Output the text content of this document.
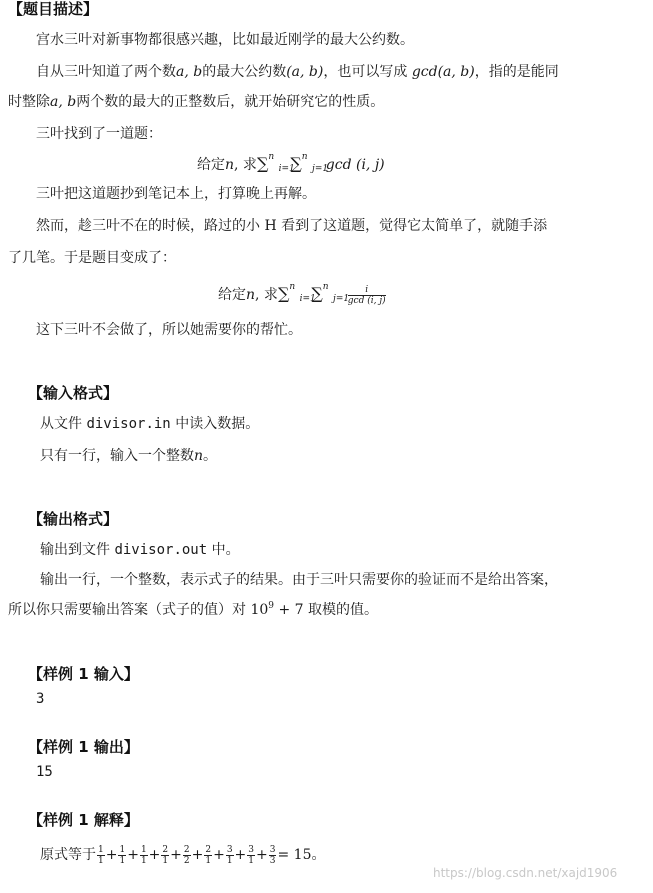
【题目描述】
宫水三叶对新事物都很感兴趣，比如最近刚学的最大公约数。
自从三叶知道了两个数a, b的最大公约数(a, b)，也可以写成 gcd(a, b)，指的是能同
时整除a, b两个数的最大的正整数后，就开始研究它的性质。
三叶找到了一道题：
给定n, 求∑$^n$ i=1∑$^n$ j=1gcd (i, j)
三叶把这道题抄到笔记本上，打算晚上再解。
然而，趁三叶不在的时候，路过的小 H 看到了这道题，觉得它太简单了，就随手添
了几笔。于是题目变成了：
给定n, 求∑$^n$ i=1∑$^n$ j=1
$\frac{i}{\gcd (i, j)}$
这下三叶不会做了，所以她需要你的帮忙。
【输入格式】
从文件 divisor.in 中读入数据。
只有一行，输入一个整数n。
【输出格式】
输出到文件 divisor.out 中。
输出一行，一个整数，表示式子的结果。由于三叶只需要你的验证而不是给出答案，
所以你只需要输出答案（式子的值）对 $10^9 + 7$ 取模的值。
【样例 1 输入】
3
【样例 1 输出】
15
【样例 1 解释】
原式等于 $\frac{1}{1} + \frac{1}{1} + \frac{1}{1} + \frac{2}{1} + \frac{2}{2} + \frac{2}{1} + \frac{3}{1} + \frac{3}{1} + \frac{3}{3} = 15$。
https://blog.csdn.net/xajd1906
